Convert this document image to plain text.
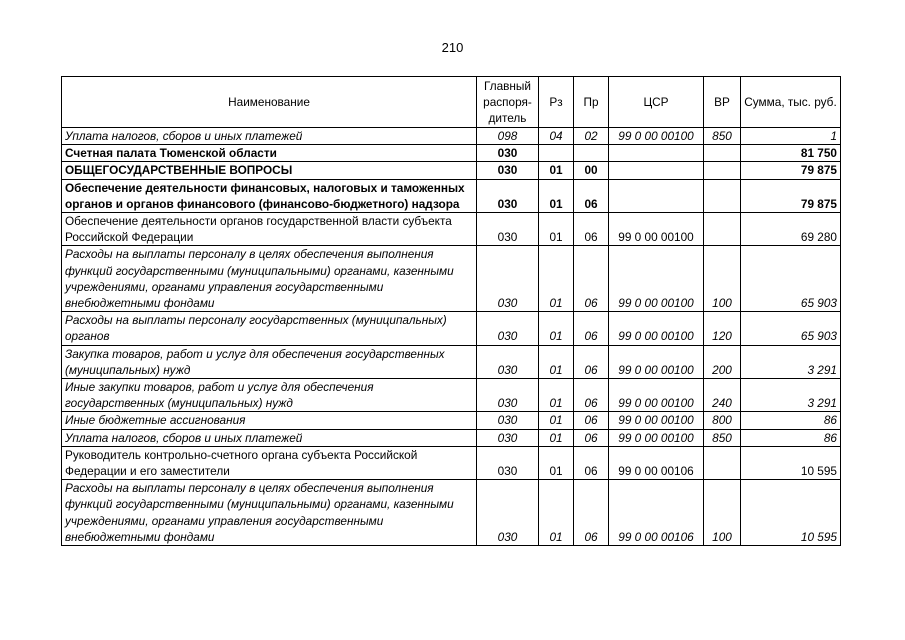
210
Наименование	Главный распоря-дитель	Рз	Пр	ЦСР	ВР	Сумма, тыс. руб.
Уплата налогов, сборов и иных платежей	098	04	02	99 0 00 00100	850	1
Счетная палата Тюменской области	030					81 750
ОБЩЕГОСУДАРСТВЕННЫЕ ВОПРОСЫ	030	01	00			79 875
Обеспечение деятельности финансовых, налоговых и таможенных органов и органов финансового (финансово-бюджетного) надзора	030	01	06			79 875
Обеспечение деятельности органов государственной власти субъекта Российской Федерации	030	01	06	99 0 00 00100		69 280
Расходы на выплаты персоналу в целях обеспечения выполнения функций государственными (муниципальными) органами, казенными учреждениями, органами управления государственными внебюджетными фондами	030	01	06	99 0 00 00100	100	65 903
Расходы на выплаты персоналу государственных (муниципальных) органов	030	01	06	99 0 00 00100	120	65 903
Закупка товаров, работ и услуг для обеспечения государственных (муниципальных) нужд	030	01	06	99 0 00 00100	200	3 291
Иные закупки товаров, работ и услуг для обеспечения государственных (муниципальных) нужд	030	01	06	99 0 00 00100	240	3 291
Иные бюджетные ассигнования	030	01	06	99 0 00 00100	800	86
Уплата налогов, сборов и иных платежей	030	01	06	99 0 00 00100	850	86
Руководитель контрольно-счетного органа субъекта Российской Федерации и его заместители	030	01	06	99 0 00 00106		10 595
Расходы на выплаты персоналу в целях обеспечения выполнения функций государственными (муниципальными) органами, казенными учреждениями, органами управления государственными внебюджетными фондами	030	01	06	99 0 00 00106	100	10 595
